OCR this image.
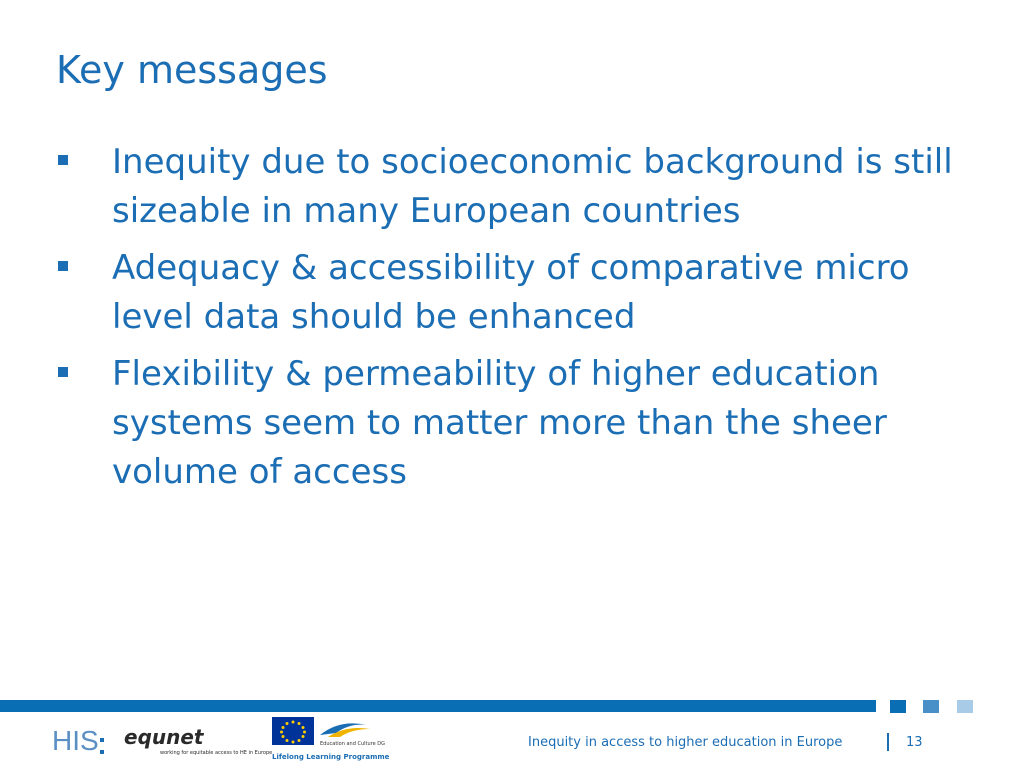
Key messages
Inequity due to socioeconomic background is still sizeable in many European countries
Adequacy & accessibility of comparative micro level data should be enhanced
Flexibility & permeability of higher education systems seem to matter more than the sheer volume of access
HIS equnet
working for equitable access to HE in Europe
Education and Culture DG
Lifelong Learning Programme
Inequity in access to higher education in Europe	13
